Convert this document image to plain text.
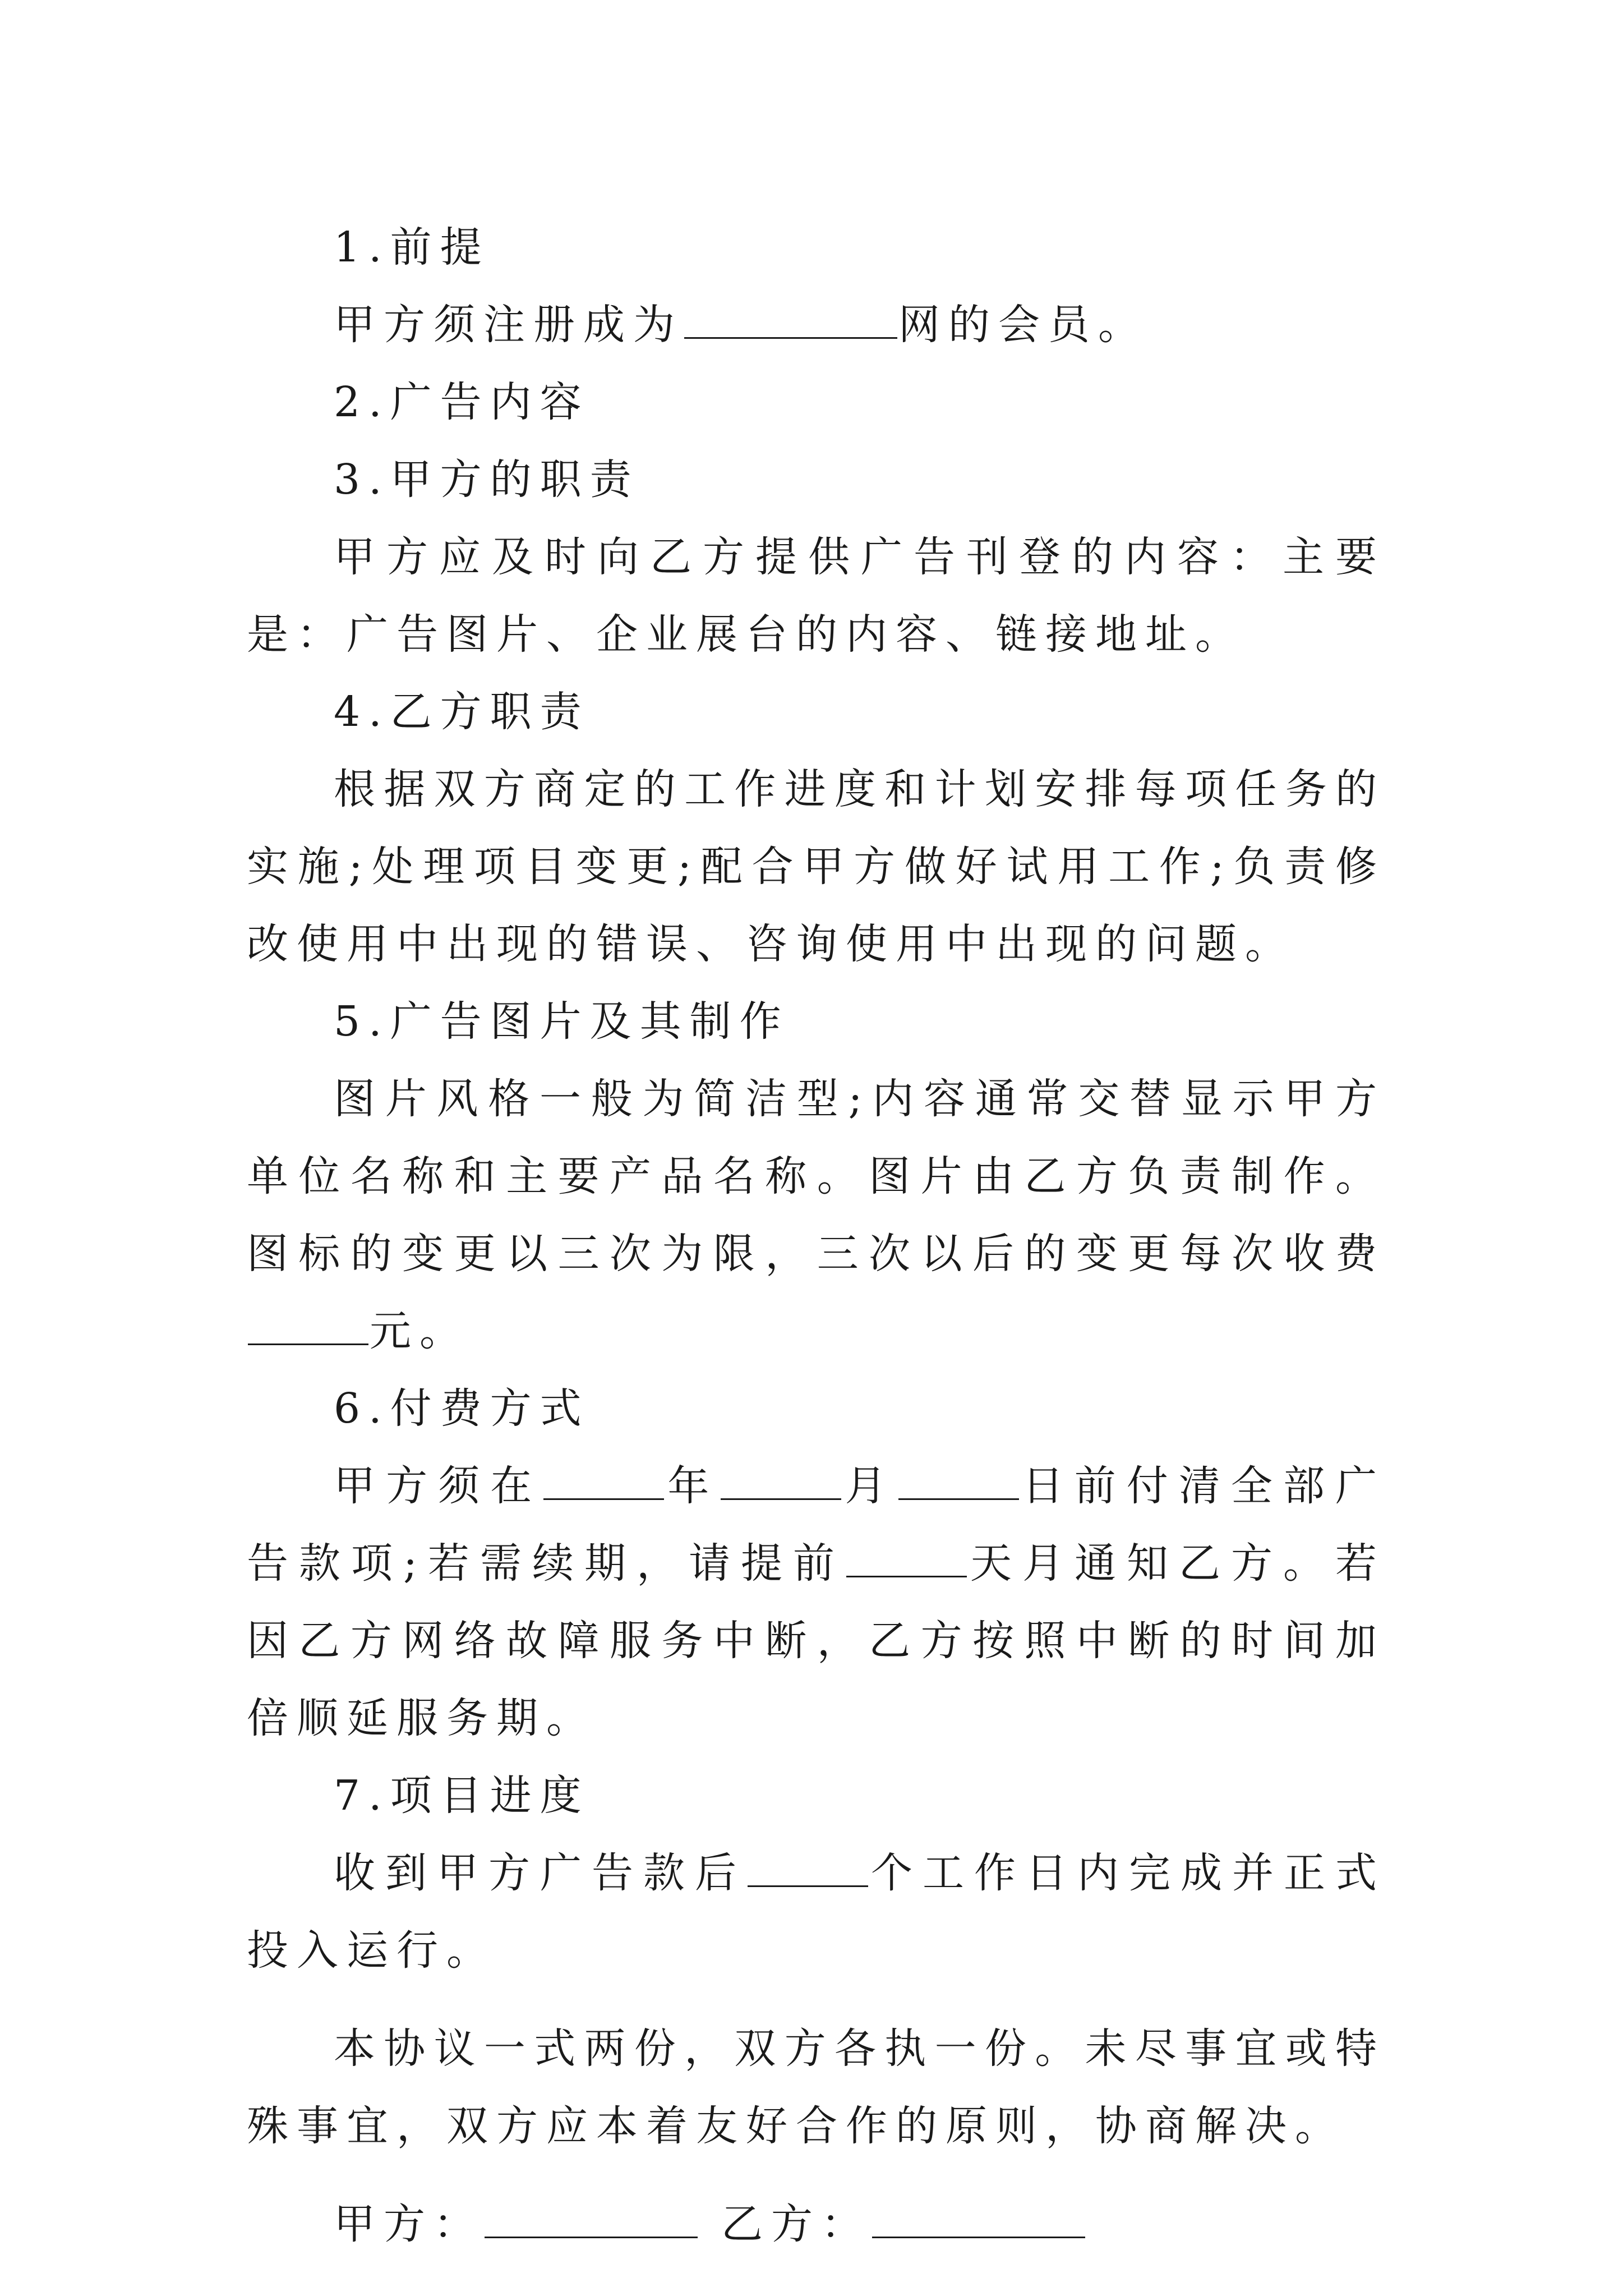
1.前提

甲方须注册成为	网的会员。

2.广告内容

3.甲方的职责

甲方应及时向乙方提供广告刊登的内容：主要是：广告图片、企业展台的内容、链接地址。

4.乙方职责

根据双方商定的工作进度和计划安排每项任务的实施;处理项目变更;配合甲方做好试用工作;负责修改使用中出现的错误、咨询使用中出现的问题。

5.广告图片及其制作

图片风格一般为简洁型;内容通常交替显示甲方单位名称和主要产品名称。图片由乙方负责制作。图标的变更以三次为限，三次以后的变更每次收费元。

6.付费方式

甲方须在	年	月	日前付清全部广告款项;若需续期，请提前	天月通知乙方。若因乙方网络故障服务中断，乙方按照中断的时间加倍顺延服务期。

7.项目进度

收到甲方广告款后	个工作日内完成并正式投入运行。

本协议一式两份，双方各执一份。未尽事宜或特殊事宜，双方应本着友好合作的原则，协商解决。

甲方：	乙方：
